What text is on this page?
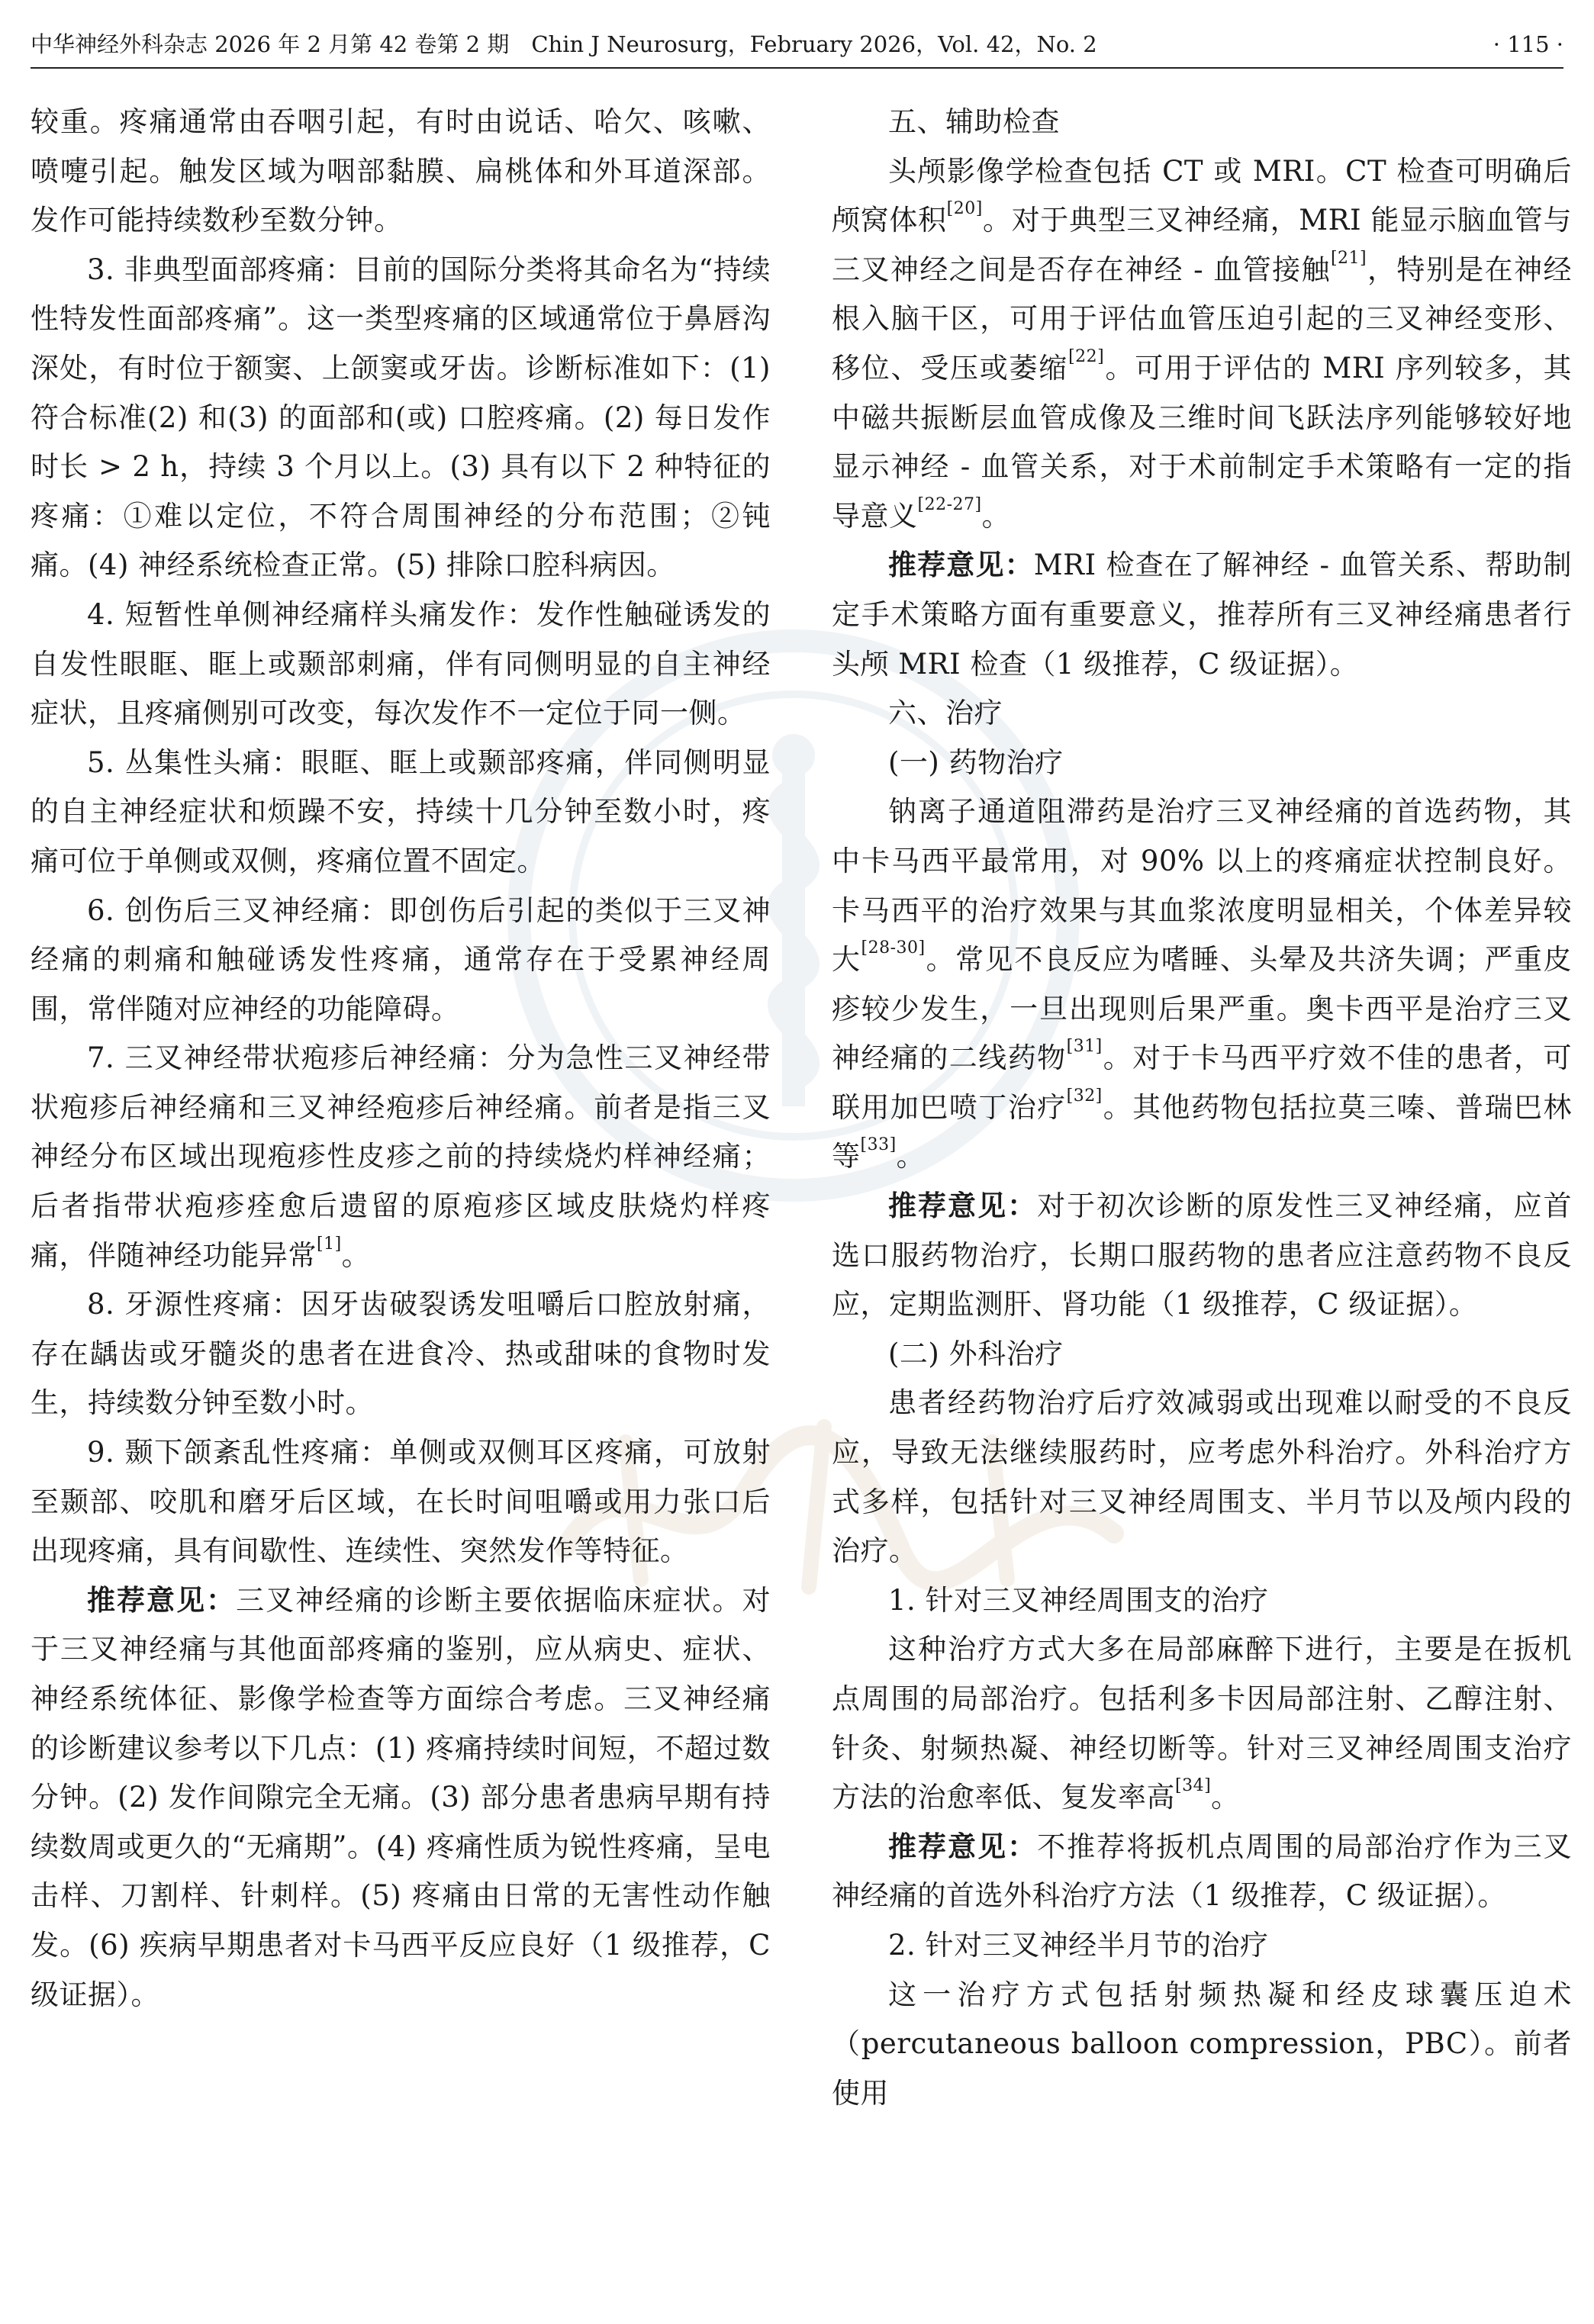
中华神经外科杂志 2026 年 2 月第 42 卷第 2 期　Chin J Neurosurg，February 2026，Vol. 42，No. 2	· 115 ·

较重。疼痛通常由吞咽引起，有时由说话、哈欠、咳嗽、喷嚏引起。触发区域为咽部黏膜、扁桃体和外耳道深部。发作可能持续数秒至数分钟。

3. 非典型面部疼痛：目前的国际分类将其命名为“持续性特发性面部疼痛”。这一类型疼痛的区域通常位于鼻唇沟深处，有时位于额窦、上颌窦或牙齿。诊断标准如下：(1) 符合标准(2) 和(3) 的面部和(或) 口腔疼痛。(2) 每日发作时长 > 2 h，持续 3 个月以上。(3) 具有以下 2 种特征的疼痛：①难以定位，不符合周围神经的分布范围；②钝痛。(4) 神经系统检查正常。(5) 排除口腔科病因。

4. 短暂性单侧神经痛样头痛发作：发作性触碰诱发的自发性眼眶、眶上或颞部刺痛，伴有同侧明显的自主神经症状，且疼痛侧别可改变，每次发作不一定位于同一侧。

5. 丛集性头痛：眼眶、眶上或颞部疼痛，伴同侧明显的自主神经症状和烦躁不安，持续十几分钟至数小时，疼痛可位于单侧或双侧，疼痛位置不固定。

6. 创伤后三叉神经痛：即创伤后引起的类似于三叉神经痛的刺痛和触碰诱发性疼痛，通常存在于受累神经周围，常伴随对应神经的功能障碍。

7. 三叉神经带状疱疹后神经痛：分为急性三叉神经带状疱疹后神经痛和三叉神经疱疹后神经痛。前者是指三叉神经分布区域出现疱疹性皮疹之前的持续烧灼样神经痛；后者指带状疱疹痊愈后遗留的原疱疹区域皮肤烧灼样疼痛，伴随神经功能异常[1]。

8. 牙源性疼痛：因牙齿破裂诱发咀嚼后口腔放射痛，存在龋齿或牙髓炎的患者在进食冷、热或甜味的食物时发生，持续数分钟至数小时。

9. 颞下颌紊乱性疼痛：单侧或双侧耳区疼痛，可放射至颞部、咬肌和磨牙后区域，在长时间咀嚼或用力张口后出现疼痛，具有间歇性、连续性、突然发作等特征。

推荐意见：三叉神经痛的诊断主要依据临床症状。对于三叉神经痛与其他面部疼痛的鉴别，应从病史、症状、神经系统体征、影像学检查等方面综合考虑。三叉神经痛的诊断建议参考以下几点：(1) 疼痛持续时间短，不超过数分钟。(2) 发作间隙完全无痛。(3) 部分患者患病早期有持续数周或更久的“无痛期”。(4) 疼痛性质为锐性疼痛，呈电击样、刀割样、针刺样。(5) 疼痛由日常的无害性动作触发。(6) 疾病早期患者对卡马西平反应良好（1 级推荐，C 级证据）。

五、辅助检查

头颅影像学检查包括 CT 或 MRI。CT 检查可明确后颅窝体积[20]。对于典型三叉神经痛，MRI 能显示脑血管与三叉神经之间是否存在神经 - 血管接触[21]，特别是在神经根入脑干区，可用于评估血管压迫引起的三叉神经变形、移位、受压或萎缩[22]。可用于评估的 MRI 序列较多，其中磁共振断层血管成像及三维时间飞跃法序列能够较好地显示神经 - 血管关系，对于术前制定手术策略有一定的指导意义[22-27]。

推荐意见：MRI 检查在了解神经 - 血管关系、帮助制定手术策略方面有重要意义，推荐所有三叉神经痛患者行头颅 MRI 检查（1 级推荐，C 级证据）。

六、治疗

(一) 药物治疗

钠离子通道阻滞药是治疗三叉神经痛的首选药物，其中卡马西平最常用，对 90% 以上的疼痛症状控制良好。卡马西平的治疗效果与其血浆浓度明显相关，个体差异较大[28-30]。常见不良反应为嗜睡、头晕及共济失调；严重皮疹较少发生，一旦出现则后果严重。奥卡西平是治疗三叉神经痛的二线药物[31]。对于卡马西平疗效不佳的患者，可联用加巴喷丁治疗[32]。其他药物包括拉莫三嗪、普瑞巴林等[33]。

推荐意见：对于初次诊断的原发性三叉神经痛，应首选口服药物治疗，长期口服药物的患者应注意药物不良反应，定期监测肝、肾功能（1 级推荐，C 级证据）。

(二) 外科治疗

患者经药物治疗后疗效减弱或出现难以耐受的不良反应，导致无法继续服药时，应考虑外科治疗。外科治疗方式多样，包括针对三叉神经周围支、半月节以及颅内段的治疗。

1. 针对三叉神经周围支的治疗

这种治疗方式大多在局部麻醉下进行，主要是在扳机点周围的局部治疗。包括利多卡因局部注射、乙醇注射、针灸、射频热凝、神经切断等。针对三叉神经周围支治疗方法的治愈率低、复发率高[34]。

推荐意见：不推荐将扳机点周围的局部治疗作为三叉神经痛的首选外科治疗方法（1 级推荐，C 级证据）。

2. 针对三叉神经半月节的治疗

这一治疗方式包括射频热凝和经皮球囊压迫术（percutaneous balloon compression，PBC）。前者使用
